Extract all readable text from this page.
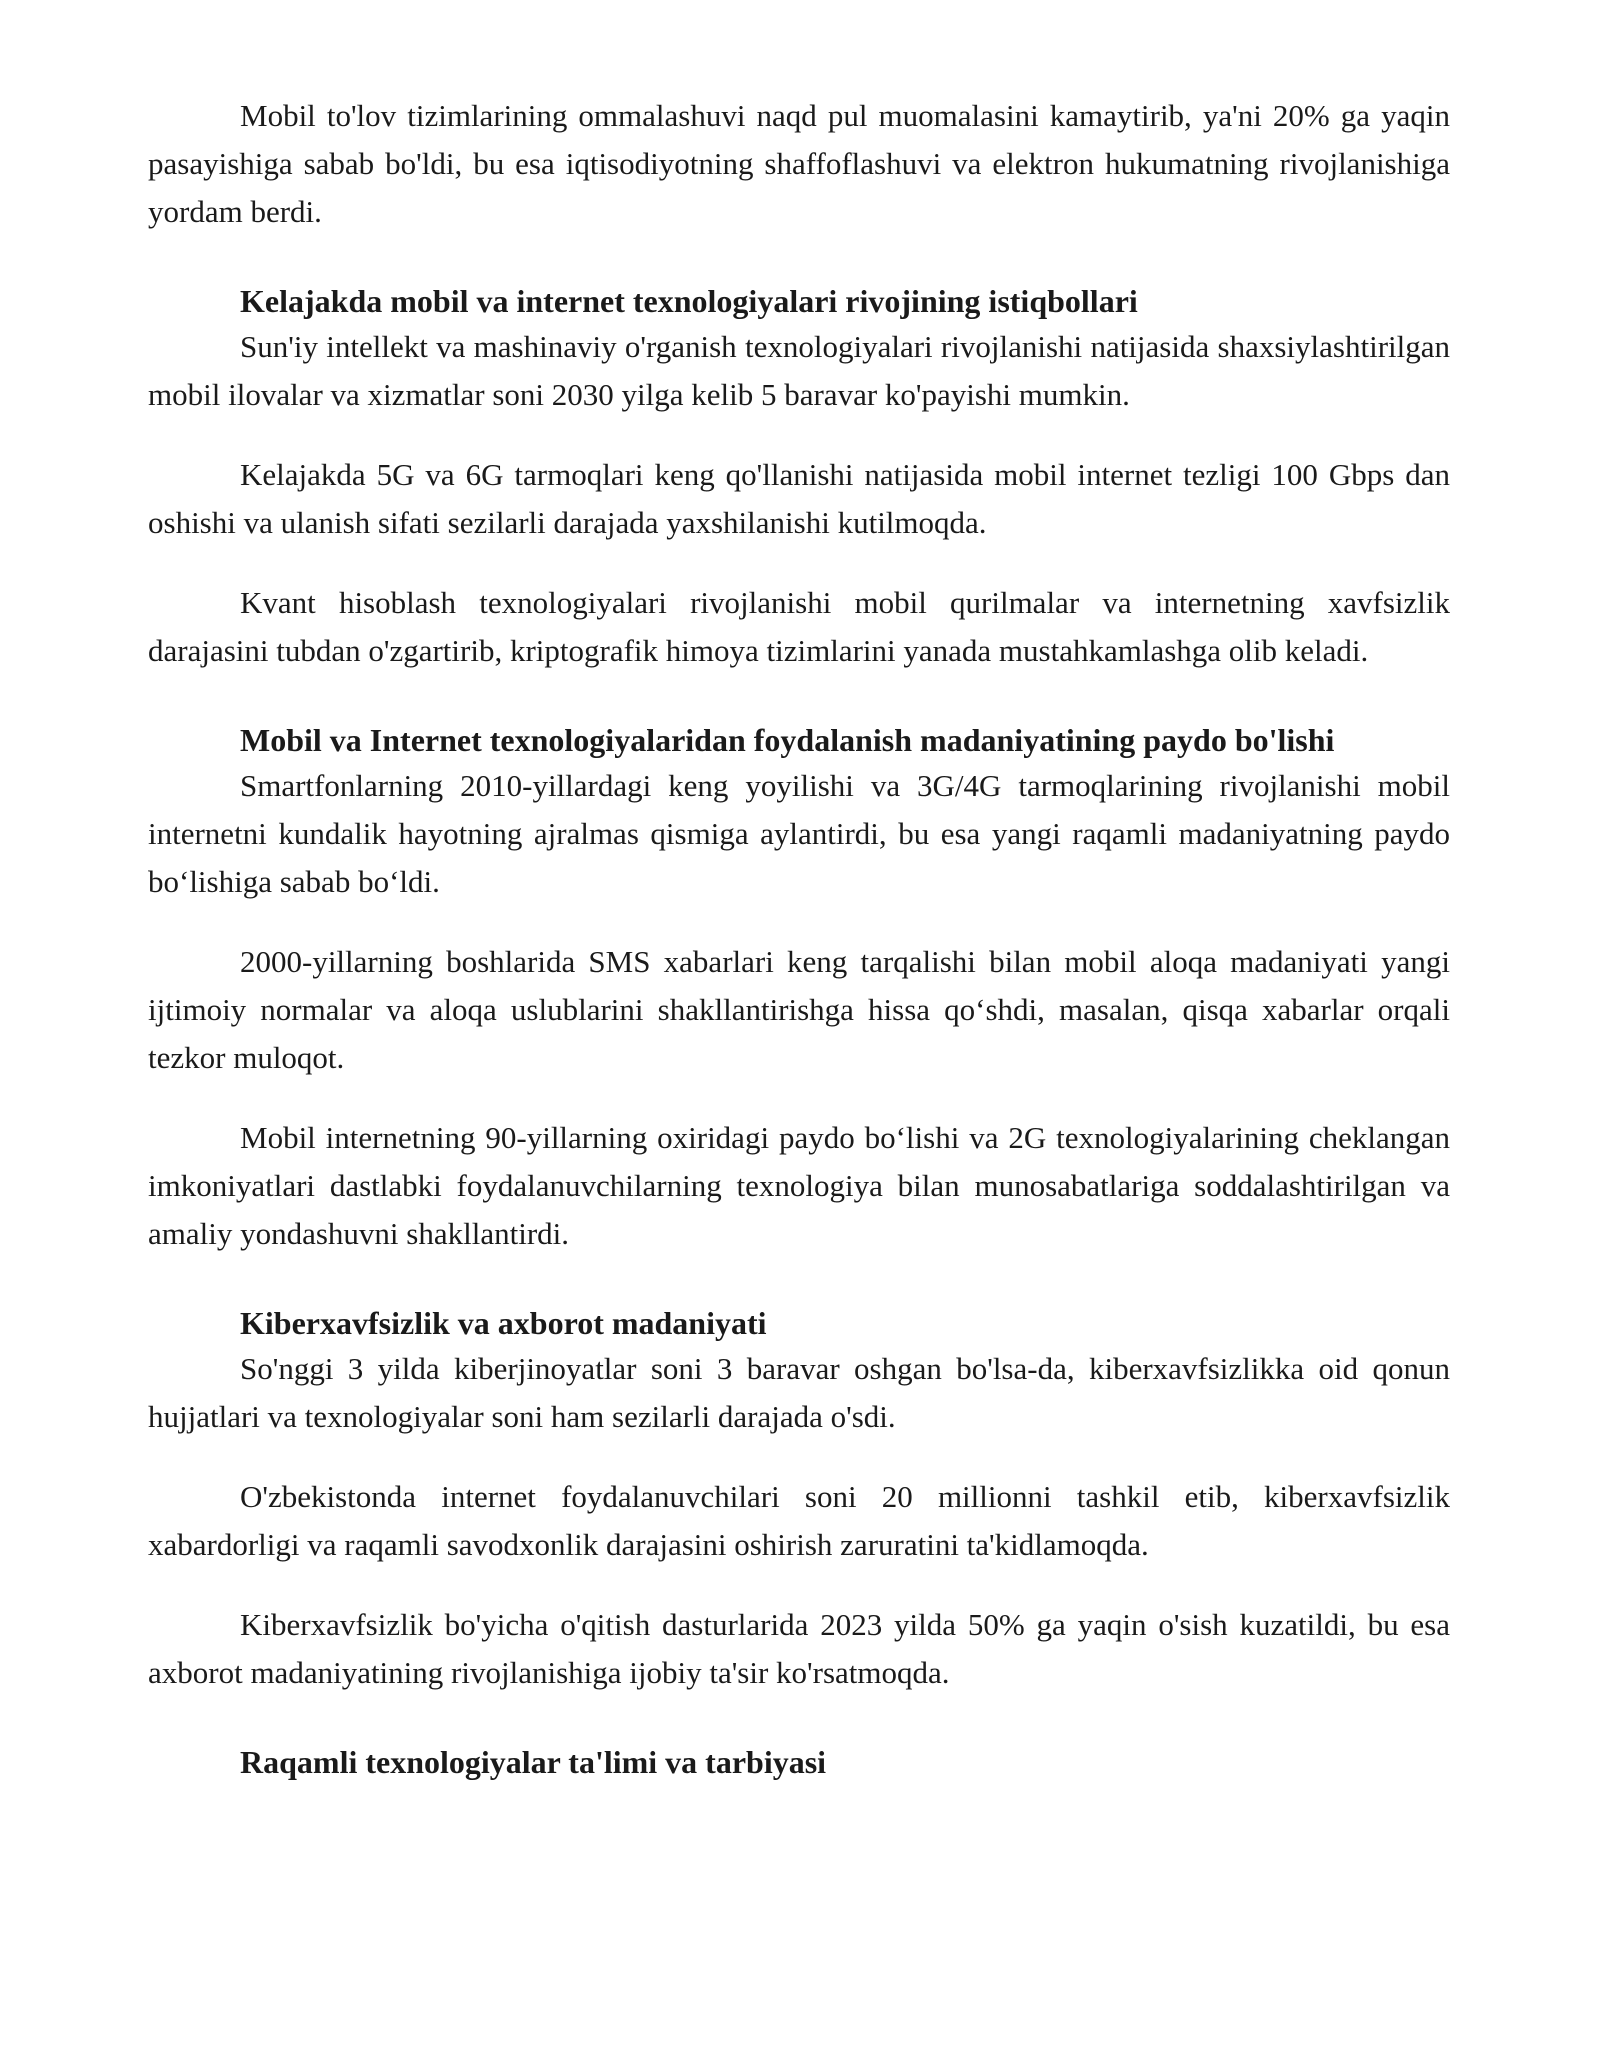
Mobil to'lov tizimlarining ommalashuvi naqd pul muomalasini kamaytirib, ya'ni 20% ga yaqin pasayishiga sabab bo'ldi, bu esa iqtisodiyotning shaffoflashuvi va elektron hukumatning rivojlanishiga yordam berdi.

Kelajakda mobil va internet texnologiyalari rivojining istiqbollari

Sun'iy intellekt va mashinaviy o'rganish texnologiyalari rivojlanishi natijasida shaxsiylashtirilgan mobil ilovalar va xizmatlar soni 2030 yilga kelib 5 baravar ko'payishi mumkin.

Kelajakda 5G va 6G tarmoqlari keng qo'llanishi natijasida mobil internet tezligi 100 Gbps dan oshishi va ulanish sifati sezilarli darajada yaxshilanishi kutilmoqda.

Kvant hisoblash texnologiyalari rivojlanishi mobil qurilmalar va internetning xavfsizlik darajasini tubdan o'zgartirib, kriptografik himoya tizimlarini yanada mustahkamlashga olib keladi.

Mobil va Internet texnologiyalaridan foydalanish madaniyatining paydo bo'lishi

Smartfonlarning 2010-yillardagi keng yoyilishi va 3G/4G tarmoqlarining rivojlanishi mobil internetni kundalik hayotning ajralmas qismiga aylantirdi, bu esa yangi raqamli madaniyatning paydo bo‘lishiga sabab bo‘ldi.

2000-yillarning boshlarida SMS xabarlari keng tarqalishi bilan mobil aloqa madaniyati yangi ijtimoiy normalar va aloqa uslublarini shakllantirishga hissa qo‘shdi, masalan, qisqa xabarlar orqali tezkor muloqot.

Mobil internetning 90-yillarning oxiridagi paydo bo‘lishi va 2G texnologiyalarining cheklangan imkoniyatlari dastlabki foydalanuvchilarning texnologiya bilan munosabatlariga soddalashtirilgan va amaliy yondashuvni shakllantirdi.

Kiberxavfsizlik va axborot madaniyati

So'nggi 3 yilda kiberjinoyatlar soni 3 baravar oshgan bo'lsa-da, kiberxavfsizlikka oid qonun hujjatlari va texnologiyalar soni ham sezilarli darajada o'sdi.

O'zbekistonda internet foydalanuvchilari soni 20 millionni tashkil etib, kiberxavfsizlik xabardorligi va raqamli savodxonlik darajasini oshirish zaruratini ta'kidlamoqda.

Kiberxavfsizlik bo'yicha o'qitish dasturlarida 2023 yilda 50% ga yaqin o'sish kuzatildi, bu esa axborot madaniyatining rivojlanishiga ijobiy ta'sir ko'rsatmoqda.

Raqamli texnologiyalar ta'limi va tarbiyasi
